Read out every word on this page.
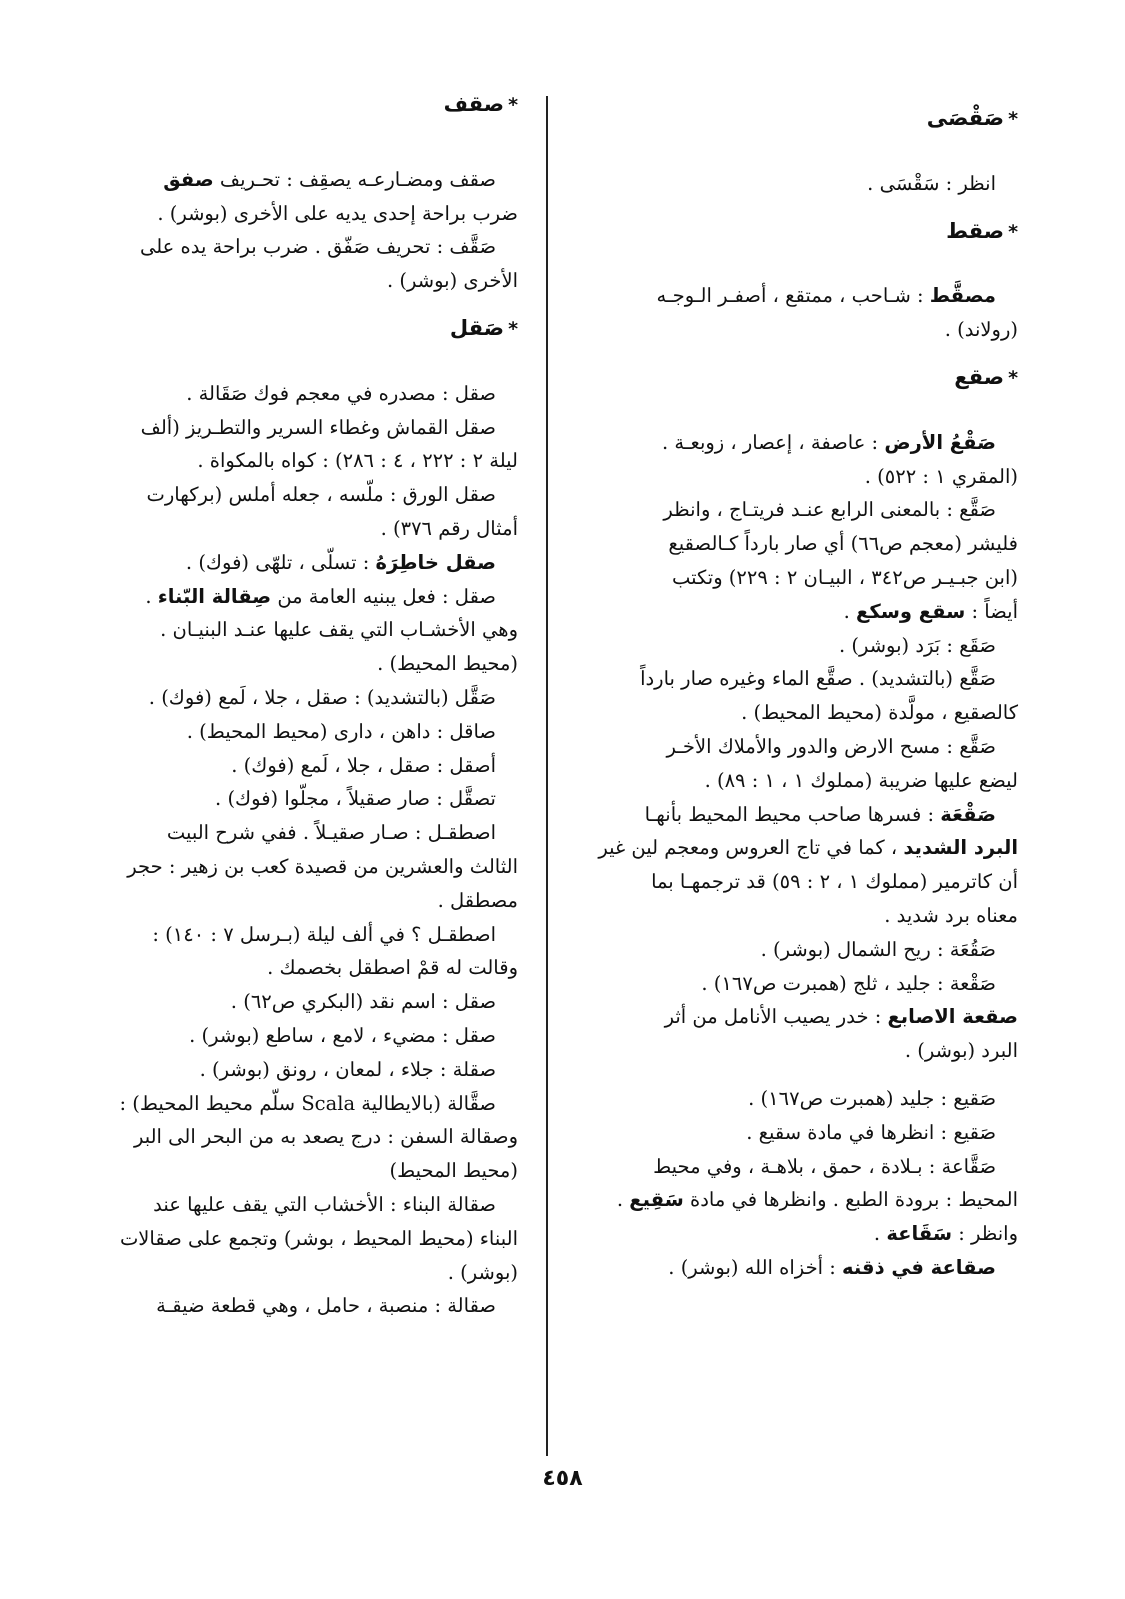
*صَقْصَى

انظر : سَقْسَى .

*صقط

مصقَّط : شـاحب ، ممتقع ، أصفـر الـوجـه

(رولاند) .

*صقع

صَقْعُ الأرض : عاصفة ، إعصار ، زوبعـة .

(المقري ١ : ٥٢٢) .

صَقَّع : بالمعنى الرابع عنـد فريتـاج ، وانظر

فليشر (معجم ص٦٦) أي صار بارداً كـالصقيع

(ابن جبـيـر ص٣٤٢ ، البيـان ٢ : ٢٢٩) وتكتب

أيضاً : سقع وسكع .

صَقَع : بَرَد (بوشر) .

صَقَّع (بالتشديد) . صقَّع الماء وغيره صار بارداً

كالصقيع ، مولَّدة (محيط المحيط) .

صَقَّع : مسح الارض والدور والأملاك الأخـر

ليضع عليها ضريبة (مملوك ١ ، ١ : ٨٩) .

صَقْعَة : فسرها صاحب محيط المحيط بأنهـا

البرد الشديد ، كما في تاج العروس ومعجم لين غير

أن كاترمير (مملوك ١ ، ٢ : ٥٩) قد ترجمهـا بما

معناه برد شديد .

صَقُعَة : ريح الشمال (بوشر) .

صَقْعة : جليد ، ثلج (همبرت ص١٦٧) .

صقعة الاصابع : خدر يصيب الأنامل من أثر

البرد (بوشر) .

صَقيع : جليد (همبرت ص١٦٧) .

صَقيع : انظرها في مادة سقيع .

صَقَّاعة : بـلادة ، حمق ، بلاهـة ، وفي محيط

المحيط : برودة الطبع . وانظرها في مادة سَقِيع .

وانظر : سَقَاعة .

صقاعة في ذقنه : أخزاه الله (بوشر) .

*صقف

صقف ومضـارعـه يصقِف : تحـريف صفق

ضرب براحة إحدى يديه على الأخرى (بوشر) .

صَقَّف : تحريف صَفّق . ضرب براحة يده على

الأخرى (بوشر) .

*صَقل

صقل : مصدره في معجم فوك صَقَالة .

صقل القماش وغطاء السرير والتطـريز (ألف

ليلة ٢ : ٢٢٢ ، ٤ : ٢٨٦) : كواه بالمكواة .

صقل الورق : ملّسه ، جعله أملس (بركهارت

أمثال رقم ٣٧٦) .

صقل خاطِرَهُ : تسلّى ، تلهّى (فوك) .

صقل : فعل يبنيه العامة من صِقالة البّناء .

وهي الأخشـاب التي يقف عليها عنـد البنيـان .

(محيط المحيط) .

صَقَّل (بالتشديد) : صقل ، جلا ، لَمع (فوك) .

صاقل : داهن ، دارى (محيط المحيط) .

أصقل : صقل ، جلا ، لَمع (فوك) .

تصقَّل : صار صقيلاً ، مجلّوا (فوك) .

اصطقـل : صـار صقيـلاً . ففي شرح البيت

الثالث والعشرين من قصيدة كعب بن زهير : حجر

مصطقل .

اصطقـل ؟ في ألف ليلة (بـرسل ٧ : ١٤٠) :

وقالت له قمْ اصطقل بخصمك .

صقل : اسم نقد (البكري ص٦٢) .

صقل : مضيء ، لامع ، ساطع (بوشر) .

صقلة : جلاء ، لمعان ، رونق (بوشر) .

صقَّالة (بالايطالية Scala سلّم محيط المحيط) :

وصقالة السفن : درج يصعد به من البحر الى البر

(محيط المحيط)

صقالة البناء : الأخشاب التي يقف عليها عند

البناء (محيط المحيط ، بوشر) وتجمع على صقالات

(بوشر) .

صقالة : منصبة ، حامل ، وهي قطعة ضيقـة

٤٥٨
